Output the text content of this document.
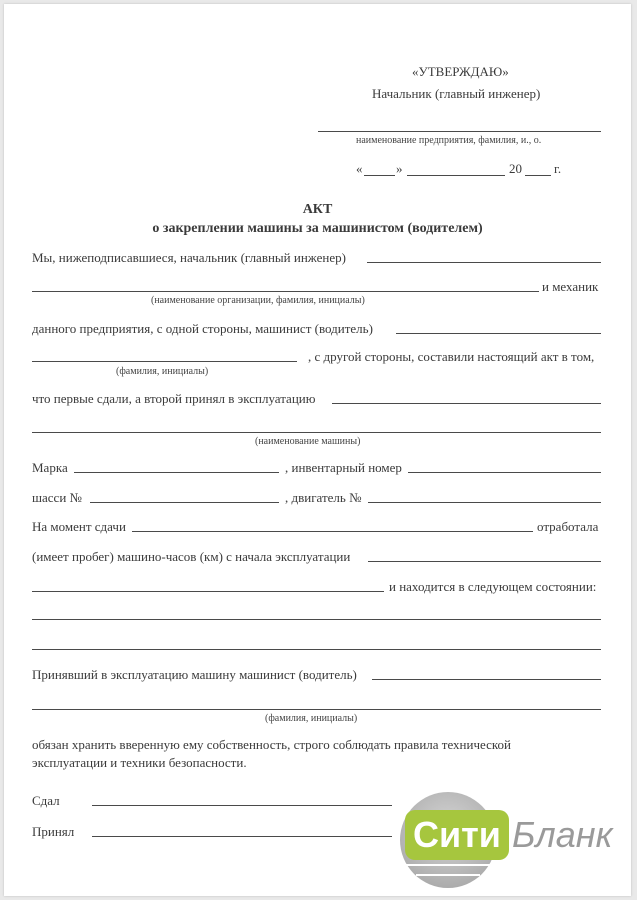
«УТВЕРЖДАЮ»
Начальник (главный инженер)
наименование предприятия, фамилия, и., о.
«	»	20 г.
АКТ
о закреплении машины за машинистом (водителем)
Мы, нижеподписавшиеся, начальник (главный инженер)
и механик
(наименование организации, фамилия, инициалы)
данного предприятия, с одной стороны, машинист (водитель)
, с другой стороны, составили настоящий акт в том,
(фамилия, инициалы)
что первые сдали, а второй принял в эксплуатацию
(наименование машины)
Марка	, инвентарный номер
шасси №	, двигатель №
На момент сдачи	отработала
(имеет пробег) машино-часов (км) с начала эксплуатации
и находится в следующем состоянии:
Принявший в эксплуатацию машину машинист (водитель)
(фамилия, инициалы)
обязан хранить вверенную ему собственность, строго соблюдать правила технической
эксплуатации и техники безопасности.
Сдал
Принял	Сити Бланк
